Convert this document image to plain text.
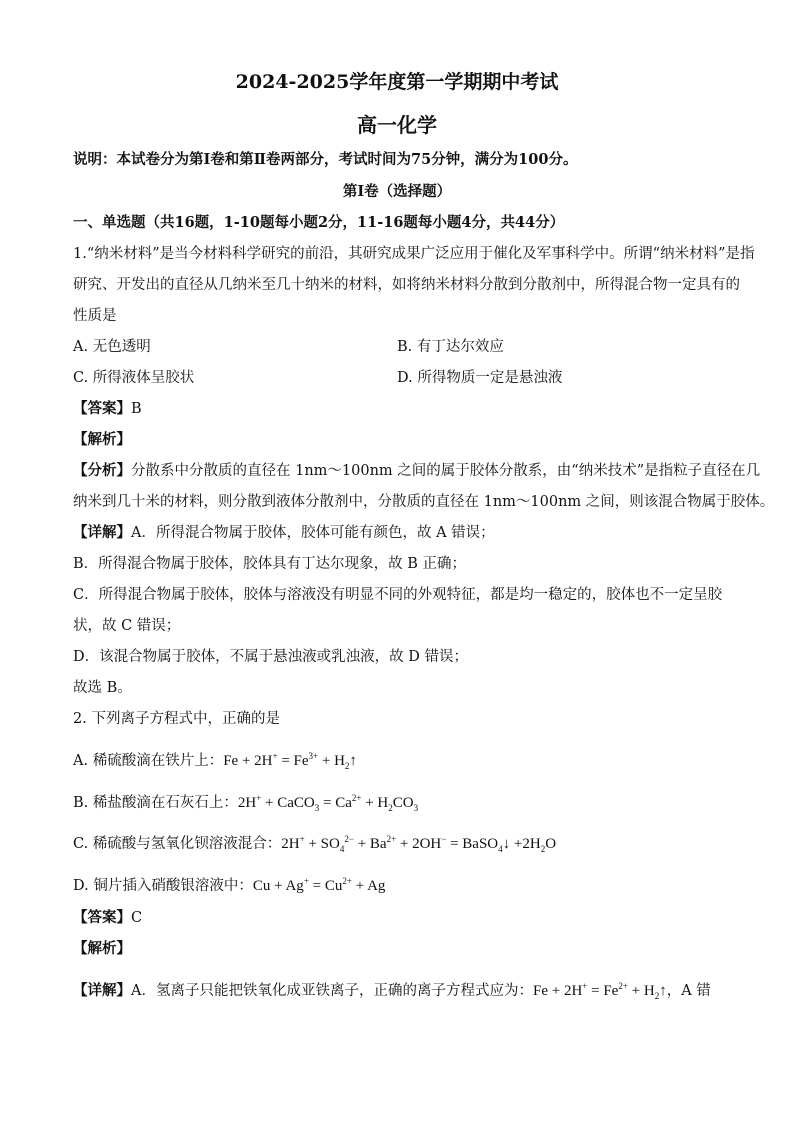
2024-2025学年度第一学期期中考试
高一化学
说明：本试卷分为第Ⅰ卷和第Ⅱ卷两部分，考试时间为75分钟，满分为100分。
第Ⅰ卷（选择题）
一、单选题（共16题，1-10题每小题2分，11-16题每小题4分，共44分）
1.“纳米材料”是当今材料科学研究的前沿，其研究成果广泛应用于催化及军事科学中。所谓“纳米材料”是指
研究、开发出的直径从几纳米至几十纳米的材料，如将纳米材料分散到分散剂中，所得混合物一定具有的
性质是
A. 无色透明	B. 有丁达尔效应
C. 所得液体呈胶状	D. 所得物质一定是悬浊液
【答案】B
【解析】
【分析】分散系中分散质的直径在 1nm～100nm 之间的属于胶体分散系，由“纳米技术”是指粒子直径在几
纳米到几十米的材料，则分散到液体分散剂中，分散质的直径在 1nm～100nm 之间，则该混合物属于胶体。
【详解】A．所得混合物属于胶体，胶体可能有颜色，故 A 错误；
B．所得混合物属于胶体，胶体具有丁达尔现象，故 B 正确；
C．所得混合物属于胶体，胶体与溶液没有明显不同的外观特征，都是均一稳定的，胶体也不一定呈胶
状，故 C 错误；
D．该混合物属于胶体，不属于悬浊液或乳浊液，故 D 错误；
故选 B。
2. 下列离子方程式中，正确的是
A. 稀硫酸滴在铁片上：$Fe + 2H^+ = Fe^{3+}$ + $H_2↑$
B. 稀盐酸滴在石灰石上：2H+ + CaCO$_3$ = $Ca^{2+} + H_2CO_3$
C. 稀硫酸与氢氧化钡溶液混合：$2H^+ + SO_4^{2-} + Ba^{2+} + 2OH^-$ = BaSO$_4$↓ $+2H_2O$
D. 铜片插入硝酸银溶液中：$Cu + Ag^+ = Cu^{2+} + Ag$
【答案】C
【解析】
【详解】A．氢离子只能把铁氧化成亚铁离子，正确的离子方程式应为：$Fe + 2H^+ = Fe^{2+}$ + $H_2↑$，A 错
